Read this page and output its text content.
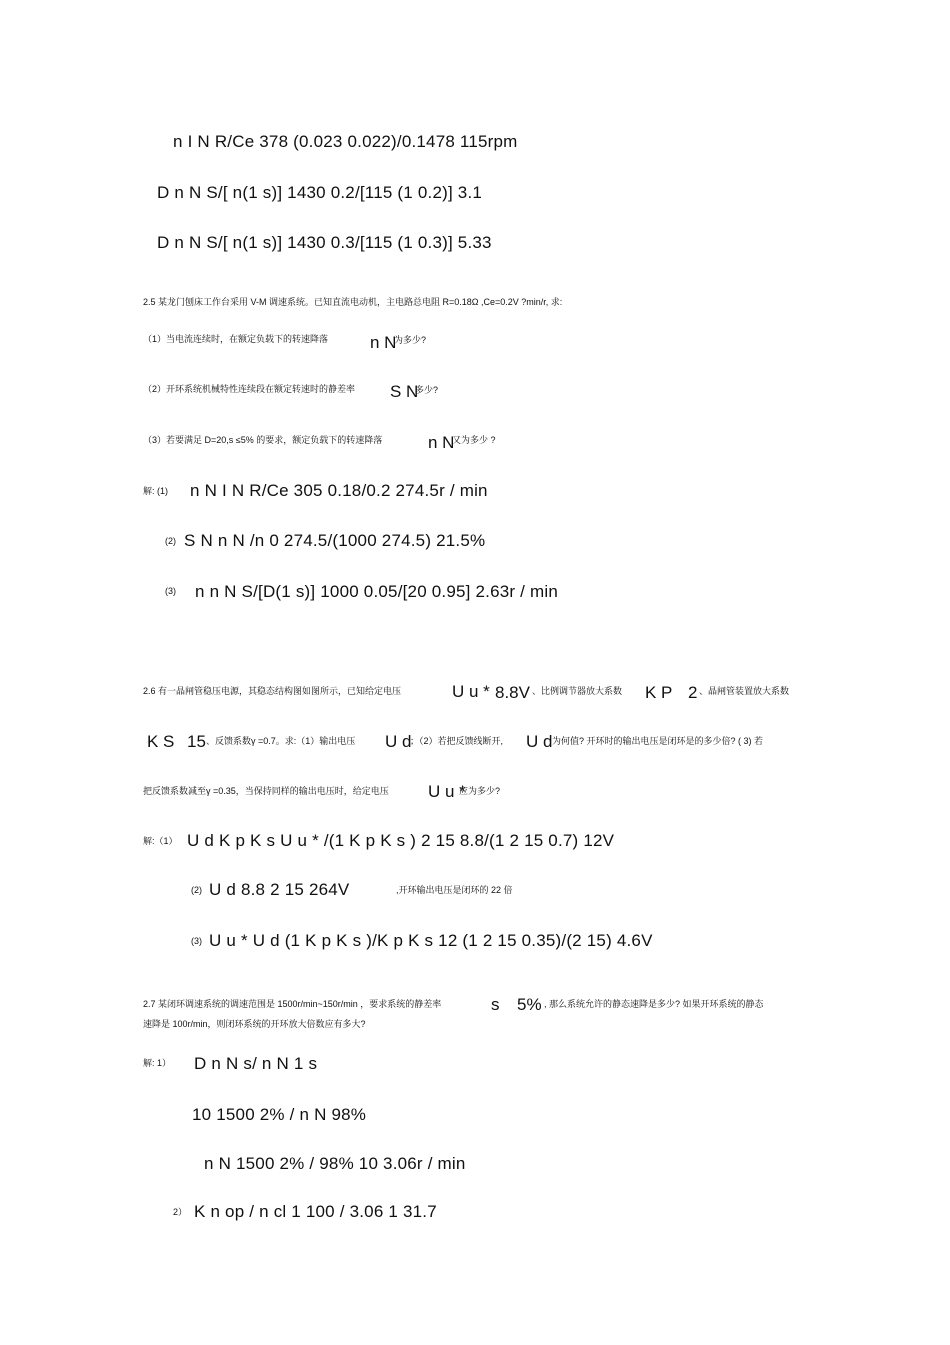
n I N R/Ce 378 (0.023 0.022)/0.1478 115rpm
D n N S/[ n(1 s)] 1430 0.2/[115 (1 0.2)] 3.1
D n N S/[ n(1 s)] 1430 0.3/[115 (1 0.3)] 5.33
2.5 某龙门刨床工作台采用 V-M 调速系统。已知直流电动机，主电路总电阻 R=0.18Ω ,Ce=0.2V ?min/r, 求:
（1）当电流连续时，在额定负载下的转速降落 n N
为多少?
（2）开环系统机械特性连续段在额定转速时的静差率 S N
多少?
（3）若要满足 D=20,s ≤5% 的要求，额定负载下的转速降落	n N
又为多少 ?
解: (1) n N I N R/Ce 305 0.18/0.2 274.5r / min
(2) S N n N /n 0 274.5/(1000 274.5) 21.5%
(3) n n N S/[D(1 s)] 1000 0.05/[20 0.95] 2.63r / min
2.6 有一晶闸管稳压电源，其稳态结构图如图所示，已知给定电压	U u * 8.8V 、比例调节器放大系数 K P 2 、晶闸管装置放大系数
K S 15 、反馈系数γ =0.7。求:（1）输出电压 U d
；（2）若把反馈线断开, U d 为何值? 开环时的输出电压是闭环是的多少倍? ( 3) 若
把反馈系数减至γ =0.35，当保持同样的输出电压时，给定电压 U u *
应为多少?
解:（1） U d K p K s U u * /(1 K p K s ) 2 15 8.8/(1 2 15 0.7) 12V
(2) U d 8.8 2 15 264V	,开环输出电压是闭环的 22 倍
(3) U u * U d (1 K p K s )/K p K s 12 (1 2 15 0.35)/(2 15) 4.6V
2.7 某闭环调速系统的调速范围是 1500r/min~150r/min ，要求系统的静差率	s 5% , 那么系统允许的静态速降是多少? 如果开环系统的静态
速降是 100r/min，则闭环系统的开环放大倍数应有多大?
解: 1） D n N s/ n N 1 s
10 1500 2% / n N 98%
n N 1500 2% / 98% 10 3.06r / min
2） K n op / n cl 1 100 / 3.06 1 31.7
